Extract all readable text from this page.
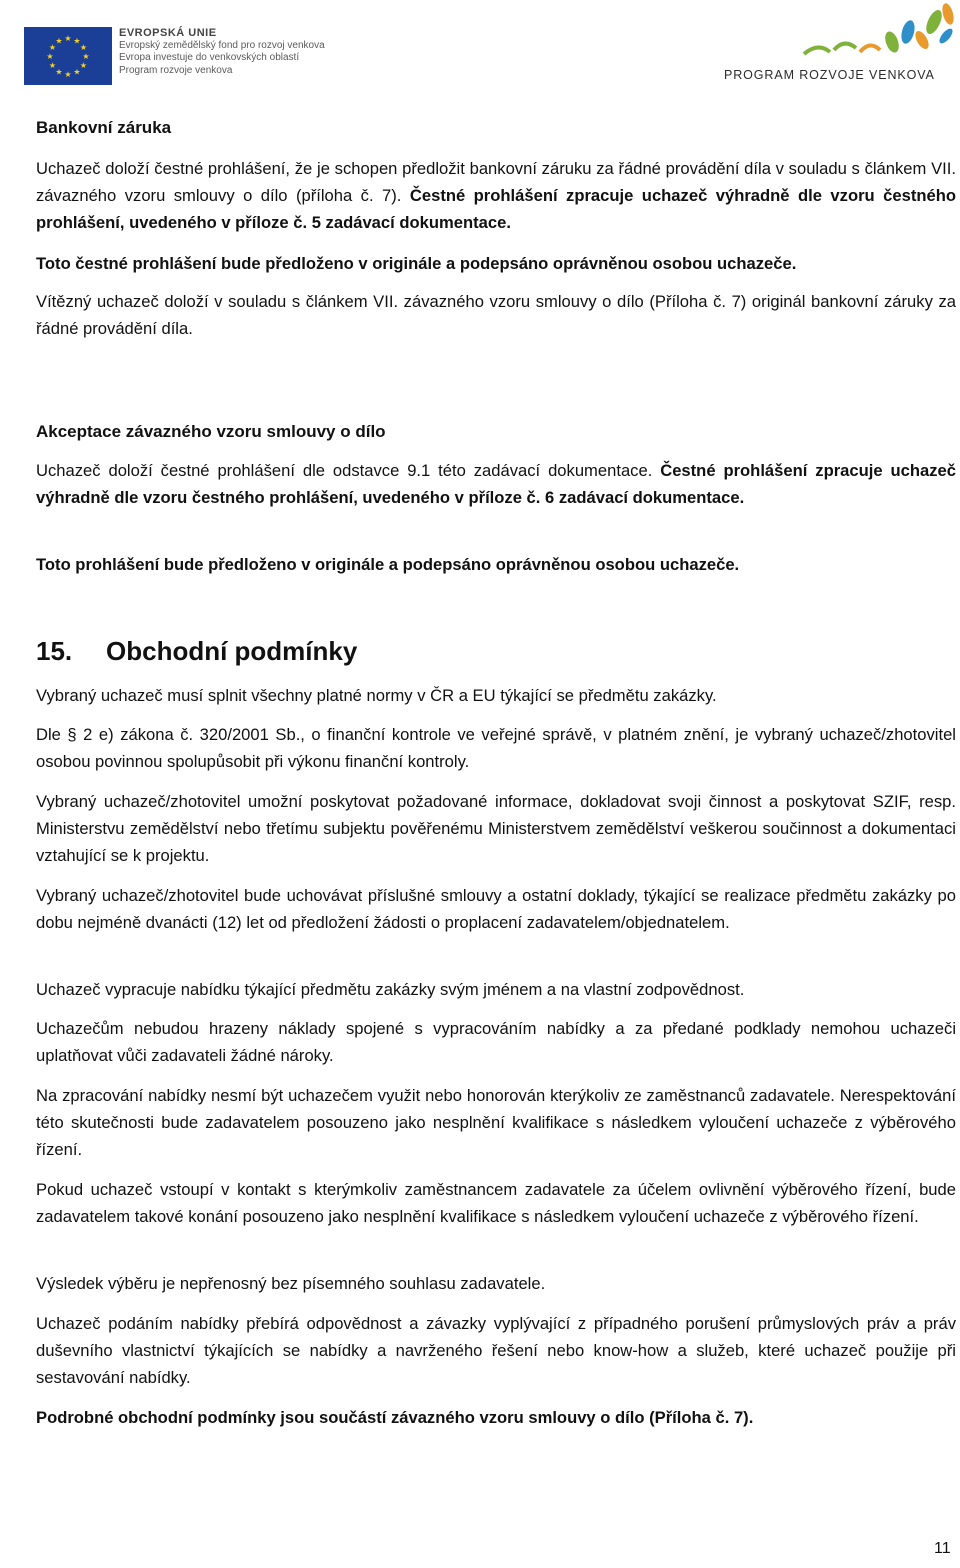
★ ★
★
★
★
★
★
★
★
★
★
★
EVROPSKÁ UNIE
Evropský zemědělský fond pro rozvoj venkova
Evropa investuje do venkovských oblastí
Program rozvoje venkova	PROGRAM ROZVOJE VENKOVA
Bankovní záruka

Uchazeč doloží čestné prohlášení, že je schopen předložit bankovní záruku za řádné provádění díla v souladu s článkem VII. závazného vzoru smlouvy o dílo (příloha č. 7). Čestné prohlášení zpracuje uchazeč výhradně dle vzoru čestného prohlášení, uvedeného v příloze č. 5 zadávací dokumentace.

Toto čestné prohlášení bude předloženo v originále a podepsáno oprávněnou osobou uchazeče.

Vítězný uchazeč doloží v souladu s článkem VII. závazného vzoru smlouvy o dílo (Příloha č. 7) originál bankovní záruky za řádné provádění díla.

Akceptace závazného vzoru smlouvy o dílo

Uchazeč doloží čestné prohlášení dle odstavce 9.1 této zadávací dokumentace. Čestné prohlášení zpracuje uchazeč výhradně dle vzoru čestného prohlášení, uvedeného v příloze č. 6 zadávací dokumentace.

Toto prohlášení bude předloženo v originále a podepsáno oprávněnou osobou uchazeče.

15. Obchodní podmínky

Vybraný uchazeč musí splnit všechny platné normy v ČR a EU týkající se předmětu zakázky.

Dle § 2 e) zákona č. 320/2001 Sb., o finanční kontrole ve veřejné správě, v platném znění, je vybraný uchazeč/zhotovitel osobou povinnou spolupůsobit při výkonu finanční kontroly.

Vybraný uchazeč/zhotovitel umožní poskytovat požadované informace, dokladovat svoji činnost a poskytovat SZIF, resp. Ministerstvu zemědělství nebo třetímu subjektu pověřenému Ministerstvem zemědělství veškerou součinnost a dokumentaci vztahující se k projektu.

Vybraný uchazeč/zhotovitel bude uchovávat příslušné smlouvy a ostatní doklady, týkající se realizace předmětu zakázky po dobu nejméně dvanácti (12) let od předložení žádosti o proplacení zadavatelem/objednatelem.

Uchazeč vypracuje nabídku týkající předmětu zakázky svým jménem a na vlastní zodpovědnost.

Uchazečům nebudou hrazeny náklady spojené s vypracováním nabídky a za předané podklady nemohou uchazeči uplatňovat vůči zadavateli žádné nároky.

Na zpracování nabídky nesmí být uchazečem využit nebo honorován kterýkoliv ze zaměstnanců zadavatele. Nerespektování této skutečnosti bude zadavatelem posouzeno jako nesplnění kvalifikace s následkem vyloučení uchazeče z výběrového řízení.

Pokud uchazeč vstoupí v kontakt s kterýmkoliv zaměstnancem zadavatele za účelem ovlivnění výběrového řízení, bude zadavatelem takové konání posouzeno jako nesplnění kvalifikace s následkem vyloučení uchazeče z výběrového řízení.

Výsledek výběru je nepřenosný bez písemného souhlasu zadavatele.

Uchazeč podáním nabídky přebírá odpovědnost a závazky vyplývající z případného porušení průmyslových práv a práv duševního vlastnictví týkajících se nabídky a navrženého řešení nebo know-how a služeb, které uchazeč použije při sestavování nabídky.

Podrobné obchodní podmínky jsou součástí závazného vzoru smlouvy o dílo (Příloha č. 7).

11
